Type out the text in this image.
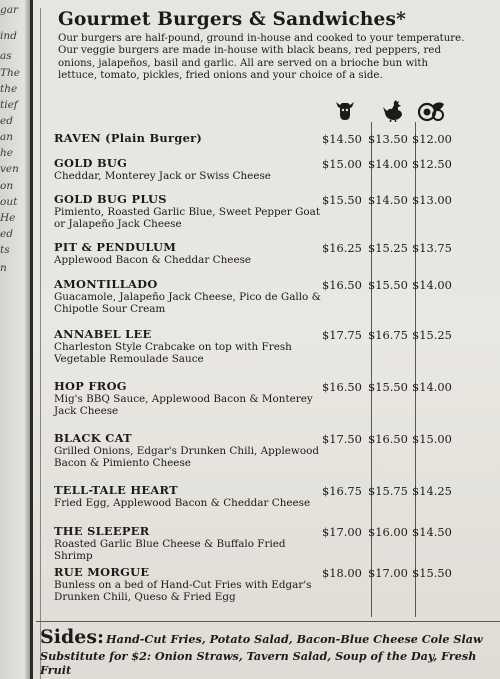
gar
ind
as
The
the
tief
ed
an
he
ven
on
out
He
ed
ts
n
Gourmet Burgers & Sandwiches*
Our burgers are half-pound, ground in-house and cooked to your temperature. Our veggie burgers are made in-house with black beans, red peppers, red onions, jalapeños, basil and garlic. All are served on a brioche bun with lettuce, tomato, pickles, fried onions and your choice of a side.
RAVEN (Plain Burger)	$14.50 $13.50 $12.00
GOLD BUG
Cheddar, Monterey Jack or Swiss Cheese
$15.00 $14.00 $12.50
GOLD BUG PLUS
Pimiento, Roasted Garlic Blue, Sweet Pepper Goat or Jalapeño Jack Cheese
$15.50 $14.50 $13.00
PIT & PENDULUM
Applewood Bacon & Cheddar Cheese
$16.25 $15.25 $13.75
AMONTILLADO
Guacamole, Jalapeño Jack Cheese, Pico de Gallo & Chipotle Sour Cream
$16.50 $15.50 $14.00
ANNABEL LEE
Charleston Style Crabcake on top with Fresh Vegetable Remoulade Sauce
$17.75 $16.75 $15.25
HOP FROG
Mig's BBQ Sauce, Applewood Bacon & Monterey Jack Cheese
$16.50 $15.50 $14.00
BLACK CAT
Grilled Onions, Edgar's Drunken Chili, Applewood Bacon & Pimiento Cheese
$17.50 $16.50 $15.00
TELL-TALE HEART
Fried Egg, Applewood Bacon & Cheddar Cheese
$16.75 $15.75 $14.25
THE SLEEPER
Roasted Garlic Blue Cheese & Buffalo Fried Shrimp
$17.00 $16.00 $14.50
RUE MORGUE
Bunless on a bed of Hand-Cut Fries with Edgar's Drunken Chili, Queso & Fried Egg
$18.00 $17.00 $15.50
Sides: Hand-Cut Fries, Potato Salad, Bacon-Blue Cheese Cole Slaw
Substitute for $2: Onion Straws, Tavern Salad, Soup of the Day, Fresh Fruit
